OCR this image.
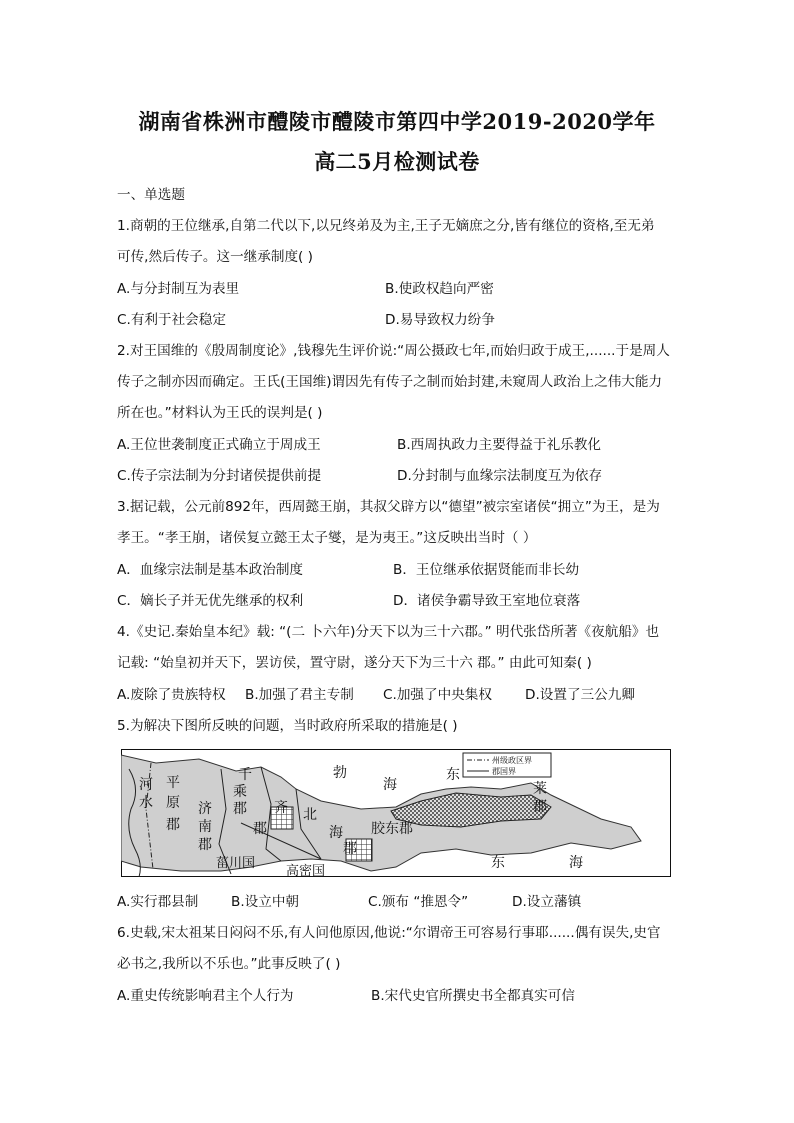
湖南省株洲市醴陵市醴陵市第四中学2019-2020学年
高二5月检测试卷
一、单选题
1.商朝的王位继承,自第二代以下,以兄终弟及为主,王子无嫡庶之分,皆有继位的资格,至无弟
可传,然后传子。这一继承制度( )
A.与分封制互为表里	B.使政权趋向严密
C.有利于社会稳定	D.易导致权力纷争
2.对王国维的《殷周制度论》,钱穆先生评价说:“周公摄政七年,而始归政于成王,......于是周人
传子之制亦因而确定。王氏(王国维)谓因先有传子之制而始封建,未窥周人政治上之伟大能力
所在也。”材料认为王氏的误判是( )
A.王位世袭制度正式确立于周成王	B.西周执政力主要得益于礼乐教化
C.传子宗法制为分封诸侯提供前提	D.分封制与血缘宗法制度互为依存
3.据记载，公元前892年，西周懿王崩，其叔父辟方以“德望”被宗室诸侯“拥立”为王，是为
孝王。“孝王崩，诸侯复立懿王太子燮，是为夷王。”这反映出当时（ ）
A．血缘宗法制是基本政治制度	B．王位继承依据贤能而非长幼
C．嫡长子并无优先继承的权利	D．诸侯争霸导致王室地位衰落
4.《史记.秦始皇本纪》载: “(二 卜六年)分天下以为三十六郡。” 明代张岱所著《夜航船》也
记载: “始皇初并天下，罢访侯，置守尉，遂分天下为三十六 郡。” 由此可知秦( )
A.废除了贵族特权 B.加强了君主专制 C.加强了中央集权 D.设置了三公九卿
5.为解决下图所反映的问题，当时政府所采取的措施是( )
州级政区界
郡国界
河
水
平
原
郡
千
乘
郡
济
南
郡
齐
郡
北
海
郡
勃
海
东
莱
郡
胶东郡
菑川国
高密国
东	海
A.实行郡县制 B.设立中朝	C.颁布 “推恩令”	D.设立藩镇
6.史载,宋太祖某日闷闷不乐,有人问他原因,他说:“尔谓帝王可容易行事耶......偶有误失,史官
必书之,我所以不乐也。”此事反映了( )
A.重史传统影响君主个人行为	B.宋代史官所撰史书全都真实可信
